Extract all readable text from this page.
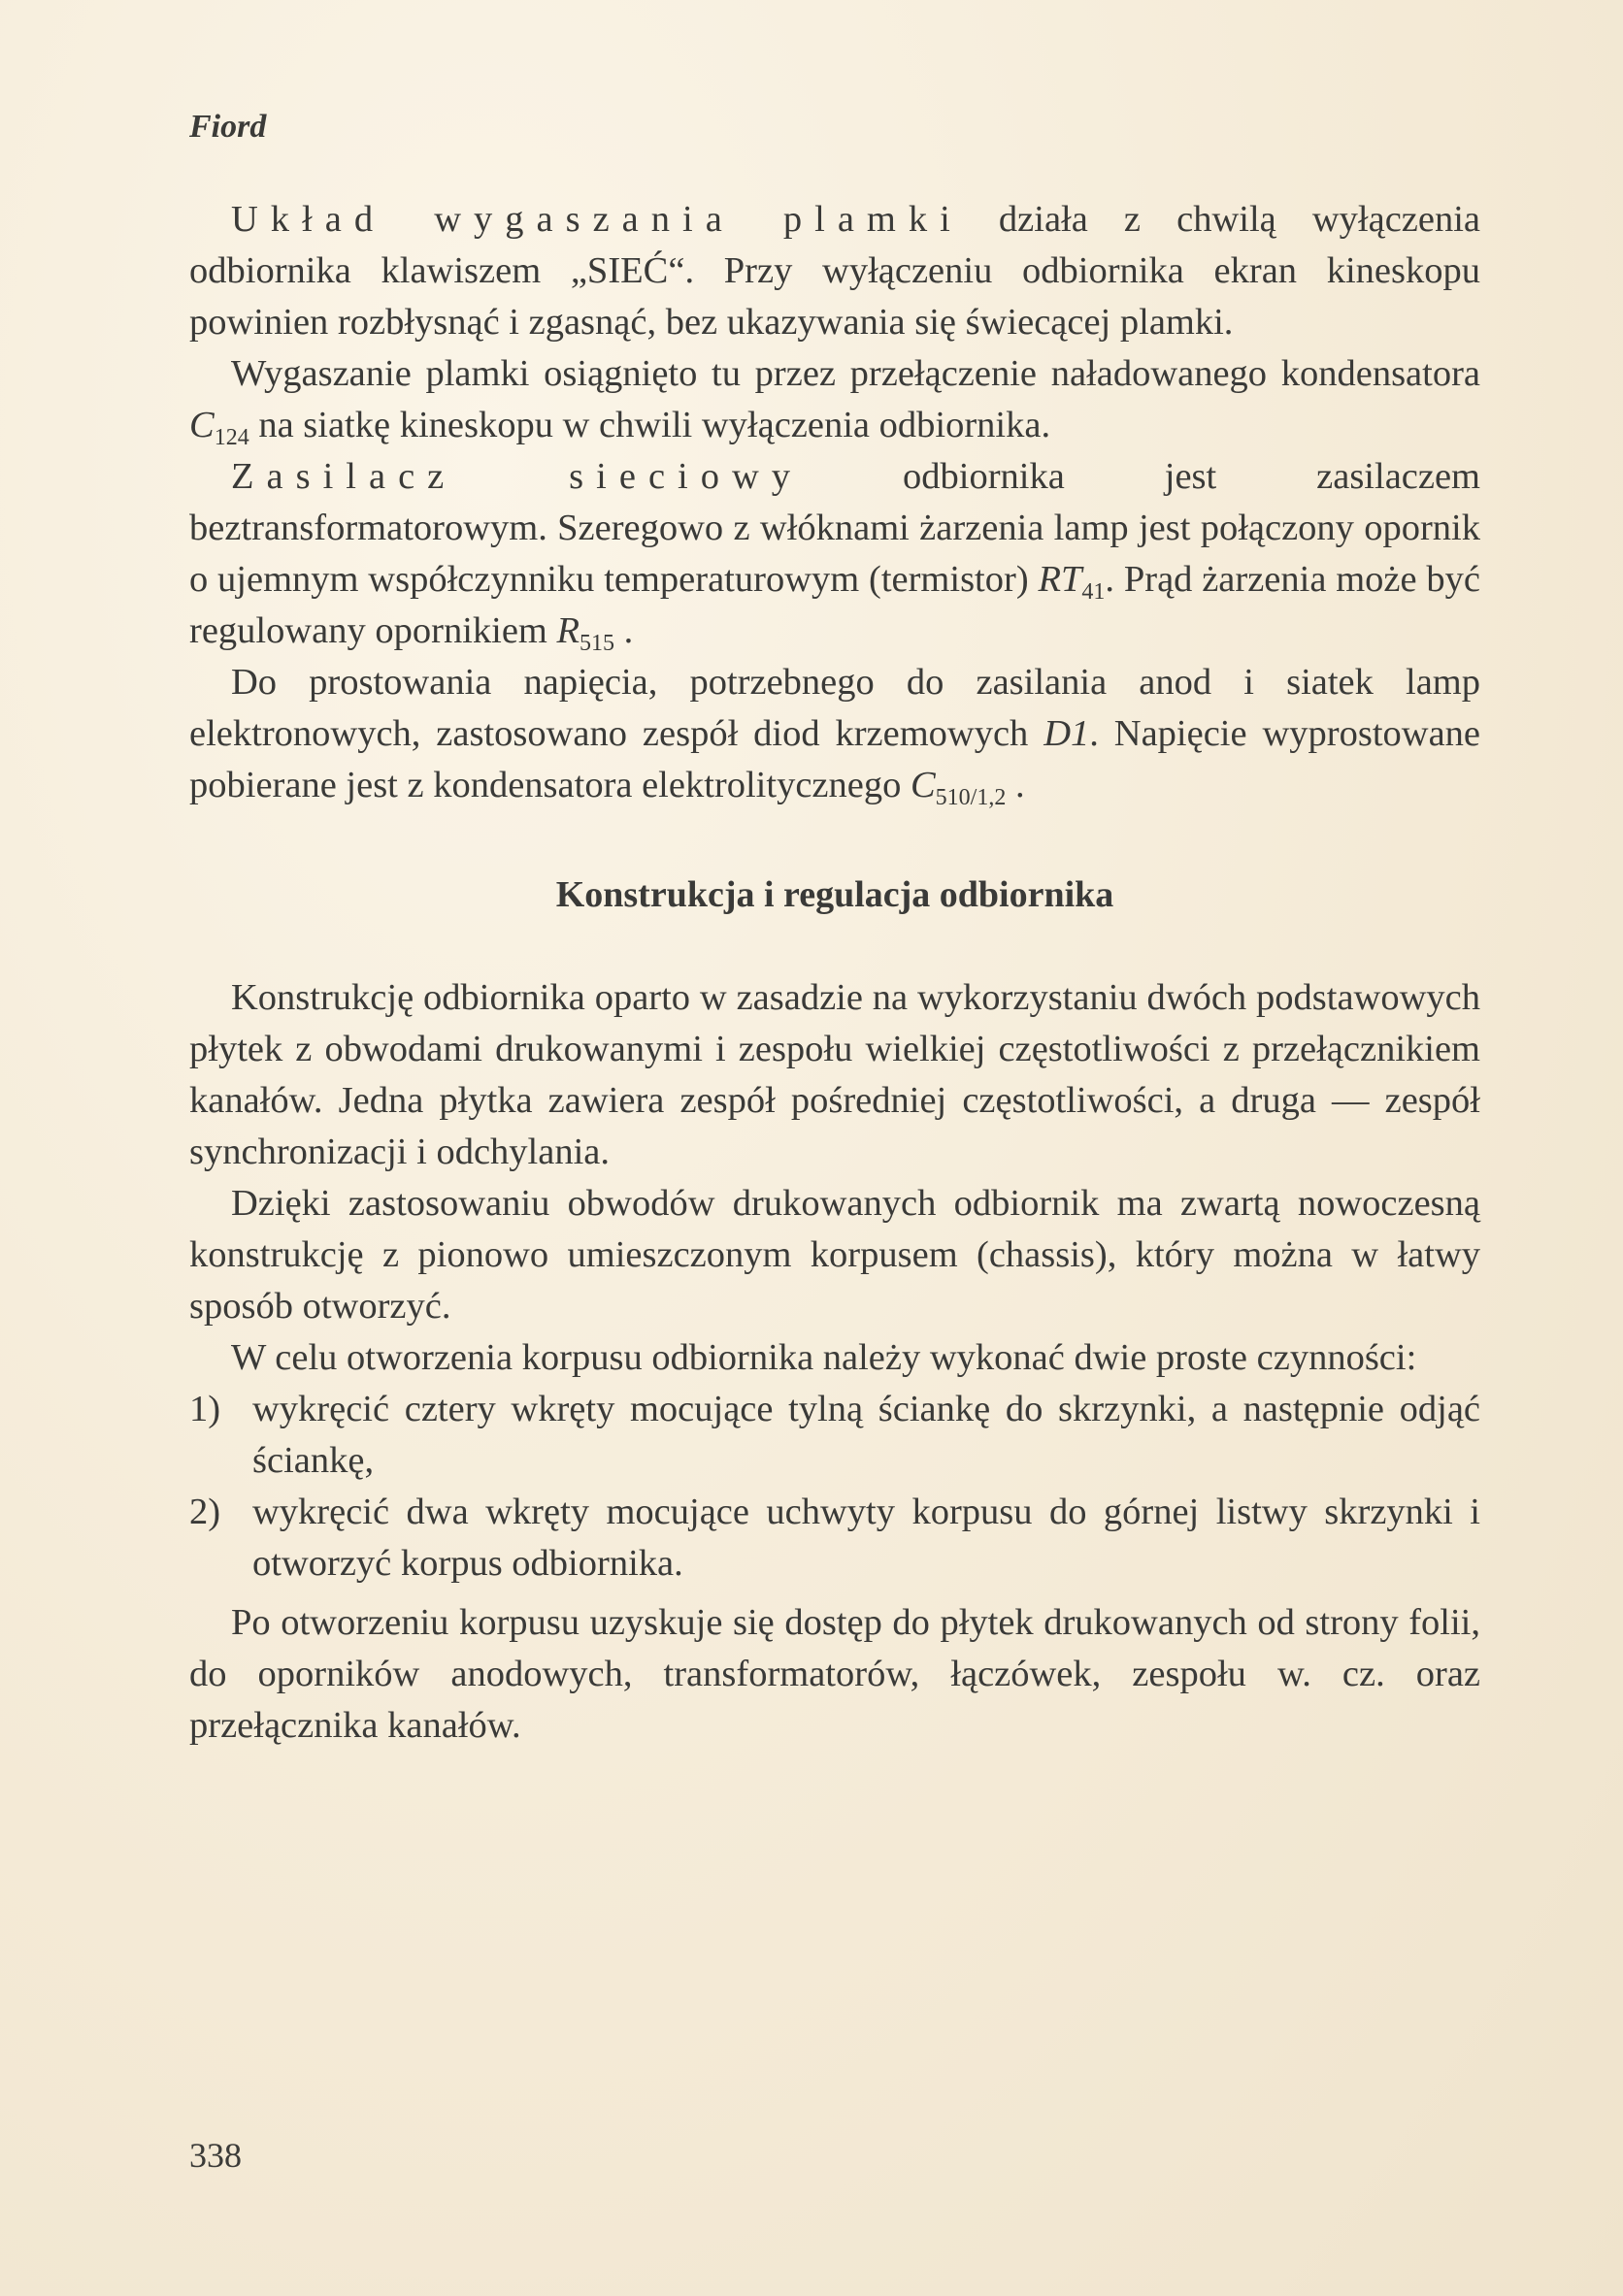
Fiord

Układ wygaszania plamki działa z chwilą wyłączenia odbiornika klawiszem „SIEĆ“. Przy wyłączeniu odbiornika ekran kineskopu powinien rozbłysnąć i zgasnąć, bez ukazywania się świecącej plamki.

Wygaszanie plamki osiągnięto tu przez przełączenie naładowanego kondensatora $C_{124}$ na siatkę kineskopu w chwili wyłączenia odbiornika.

Zasilacz sieciowy	odbiornika jest zasilaczem beztransformatorowym. Szeregowo z włóknami żarzenia lamp jest połączony opornik o ujemnym współczynniku temperaturowym (termistor) $RT_{41}$. Prąd żarzenia może być regulowany opornikiem $R_{515}$ .

Do prostowania napięcia, potrzebnego do zasilania anod i siatek lamp elektronowych, zastosowano zespół diod krzemowych D1. Napięcie wyprostowane pobierane jest z kondensatora elektrolitycznego $C_{510/1,2}$ .

Konstrukcja i regulacja odbiornika

Konstrukcję odbiornika oparto w zasadzie na wykorzystaniu dwóch podstawowych płytek z obwodami drukowanymi i zespołu wielkiej częstotliwości z przełącznikiem kanałów. Jedna płytka zawiera zespół pośredniej częstotliwości, a druga — zespół synchronizacji i odchylania.

Dzięki zastosowaniu obwodów drukowanych odbiornik ma zwartą nowoczesną konstrukcję z pionowo umieszczonym korpusem (chassis), który można w łatwy sposób otworzyć.

W celu otworzenia korpusu odbiornika należy wykonać dwie proste czynności:

1) wykręcić cztery wkręty mocujące tylną ściankę do skrzynki, a następnie odjąć ściankę,
2) wykręcić dwa wkręty mocujące uchwyty korpusu do górnej listwy skrzynki i otworzyć korpus odbiornika.

Po otworzeniu korpusu uzyskuje się dostęp do płytek drukowanych od strony folii, do oporników anodowych, transformatorów, łączówek, zespołu w. cz. oraz przełącznika kanałów.

338
